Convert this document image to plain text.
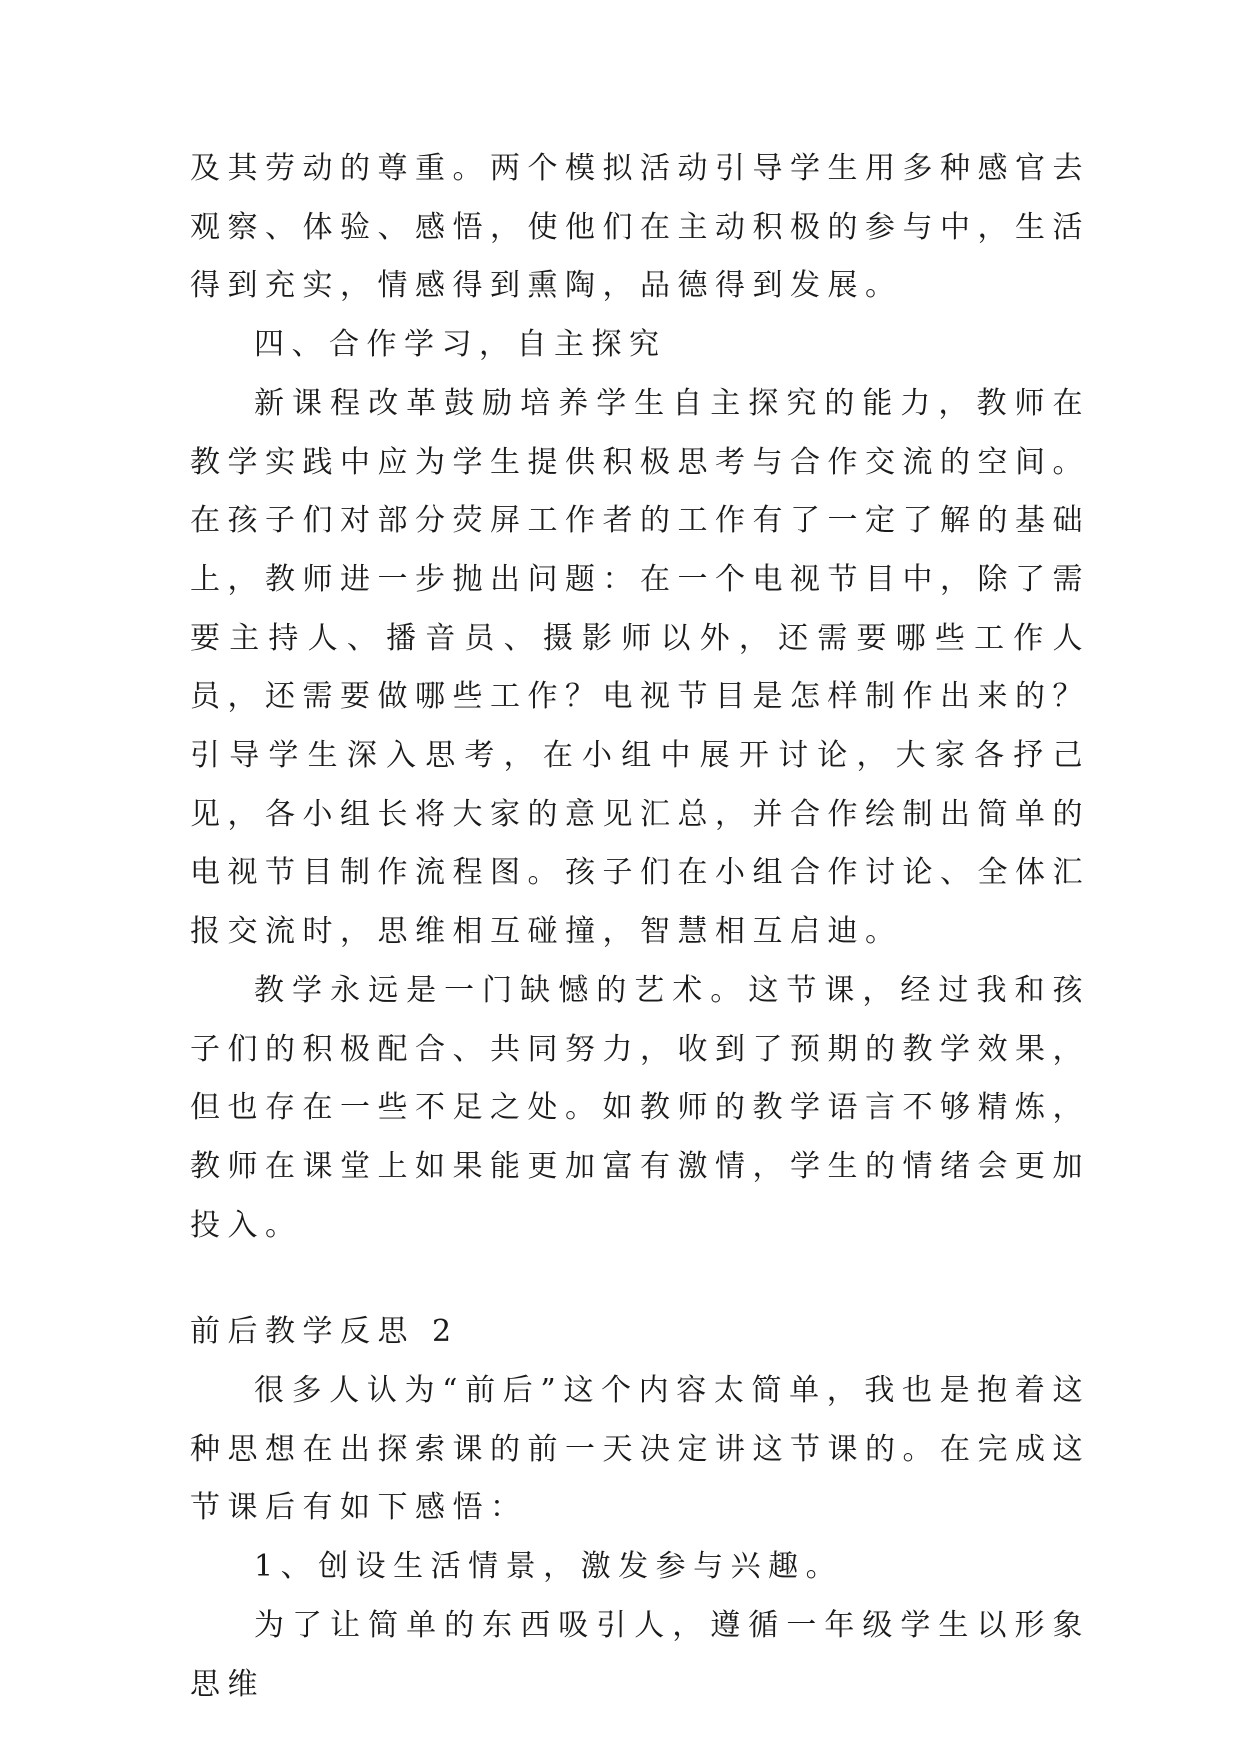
及其劳动的尊重。两个模拟活动引导学生用多种感官去观察、体验、感悟，使他们在主动积极的参与中，生活得到充实，情感得到熏陶，品德得到发展。

四、合作学习，自主探究

新课程改革鼓励培养学生自主探究的能力，教师在教学实践中应为学生提供积极思考与合作交流的空间。在孩子们对部分荧屏工作者的工作有了一定了解的基础上，教师进一步抛出问题：在一个电视节目中，除了需要主持人、播音员、摄影师以外，还需要哪些工作人员，还需要做哪些工作？电视节目是怎样制作出来的？引导学生深入思考，在小组中展开讨论，大家各抒己见，各小组长将大家的意见汇总，并合作绘制出简单的电视节目制作流程图。孩子们在小组合作讨论、全体汇报交流时，思维相互碰撞，智慧相互启迪。

教学永远是一门缺憾的艺术。这节课，经过我和孩子们的积极配合、共同努力，收到了预期的教学效果，但也存在一些不足之处。如教师的教学语言不够精炼，教师在课堂上如果能更加富有激情，学生的情绪会更加投入。

前后教学反思 2

很多人认为“前后”这个内容太简单，我也是抱着这种思想在出探索课的前一天决定讲这节课的。在完成这节课后有如下感悟：

1、创设生活情景，激发参与兴趣。

为了让简单的东西吸引人，遵循一年级学生以形象思维
